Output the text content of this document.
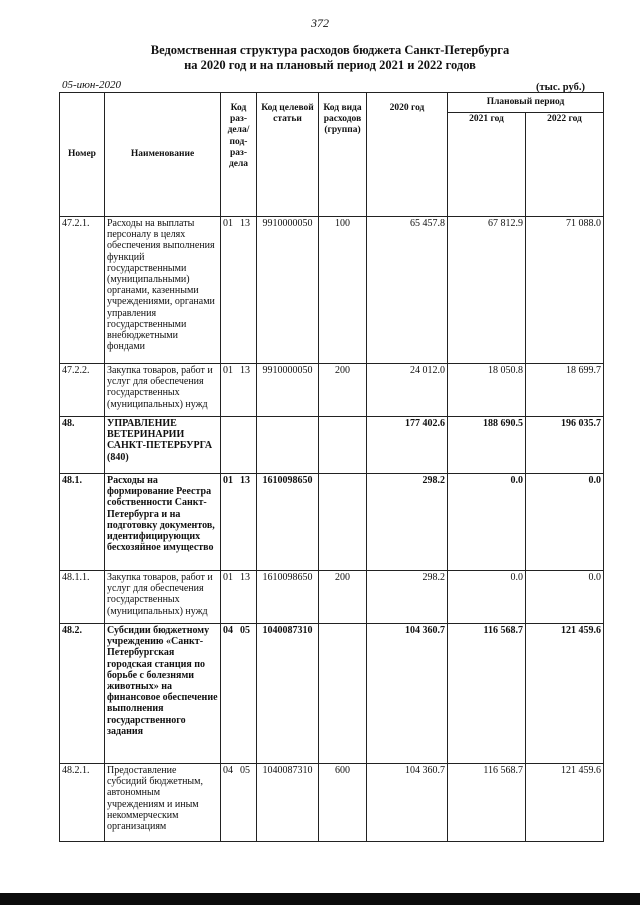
372
Ведомственная структура расходов бюджета Санкт-Петербурга
на 2020 год и на плановый период 2021 и 2022 годов
05-июн-2020	(тыс. руб.)
Номер	Наименование	Код раз-дела/ под-раз-дела	Код целевой статьи	Код вида расходов (группа)	2020 год	Плановый период	
						2021 год	2022 год
47.2.1.	Расходы на выплаты персоналу в целях обеспечения выполнения функций государственными (муниципальными) органами, казенными учреждениями, органами управления государственными внебюджетными фондами	01 13	9910000050	100	65 457.8	67 812.9	71 088.0
47.2.2.	Закупка товаров, работ и услуг для обеспечения государственных (муниципальных) нужд	01 13	9910000050	200	24 012.0	18 050.8	18 699.7
48.	УПРАВЛЕНИЕ ВЕТЕРИНАРИИ САНКТ-ПЕТЕРБУРГА (840)				177 402.6	188 690.5	196 035.7
48.1.	Расходы на формирование Реестра собственности Санкт-Петербурга и на подготовку документов, идентифицирующих бесхозяйное имущество	01 13	1610098650		298.2	0.0	0.0
48.1.1.	Закупка товаров, работ и услуг для обеспечения государственных (муниципальных) нужд	01 13	1610098650	200	298.2	0.0	0.0
48.2.	Субсидии бюджетному учреждению «Санкт-Петербургская городская станция по борьбе с болезнями животных» на финансовое обеспечение выполнения государственного задания	04 05	1040087310		104 360.7	116 568.7	121 459.6
48.2.1.	Предоставление субсидий бюджетным, автономным учреждениям и иным некоммерческим организациям	04 05	1040087310	600	104 360.7	116 568.7	121 459.6
